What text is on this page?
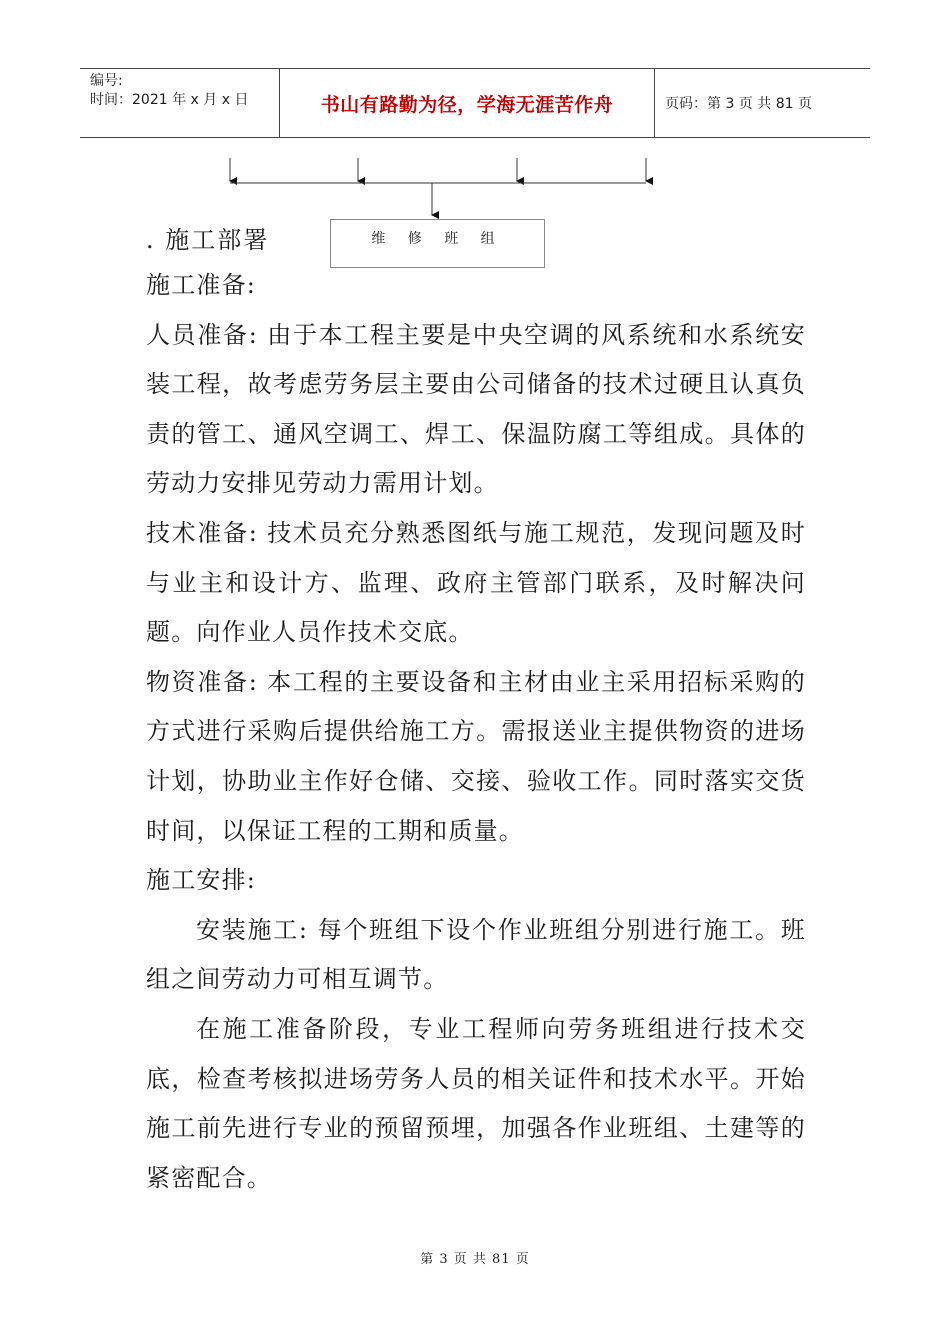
编号:
时间：2021 年 x 月 x 日	书山有路勤为径，学海无涯苦作舟	页码：第 3 页 共 81 页
维 修 班 组
. 施工部署

施工准备:

人员准备: 由于本工程主要是中央空调的风系统和水系统安装工程，故考虑劳务层主要由公司储备的技术过硬且认真负责的管工、通风空调工、焊工、保温防腐工等组成。具体的劳动力安排见劳动力需用计划。

技术准备: 技术员充分熟悉图纸与施工规范，发现问题及时与业主和设计方、监理、政府主管部门联系，及时解决问题。向作业人员作技术交底。

物资准备: 本工程的主要设备和主材由业主采用招标采购的方式进行采购后提供给施工方。需报送业主提供物资的进场计划，协助业主作好仓储、交接、验收工作。同时落实交货时间，以保证工程的工期和质量。

施工安排:

安装施工: 每个班组下设个作业班组分别进行施工。班组之间劳动力可相互调节。

在施工准备阶段，专业工程师向劳务班组进行技术交底，检查考核拟进场劳务人员的相关证件和技术水平。开始施工前先进行专业的预留预埋，加强各作业班组、土建等的紧密配合。

第 3 页 共 81 页
